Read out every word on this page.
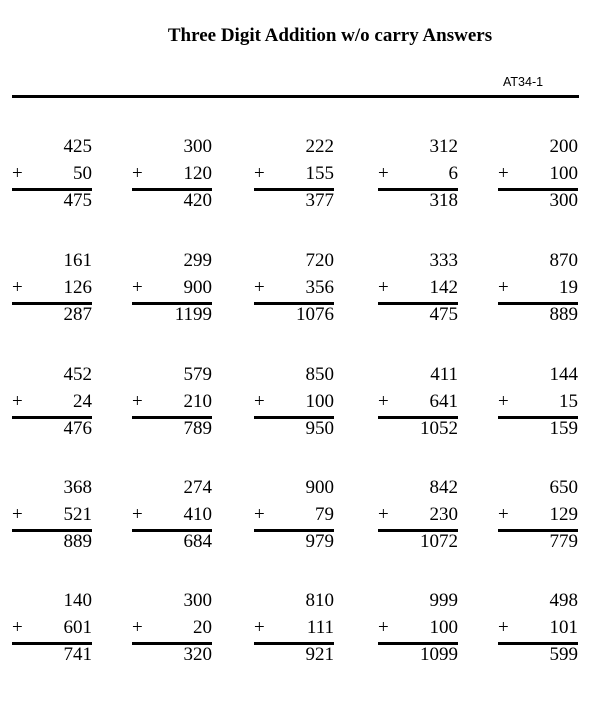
Three Digit Addition w/o carry Answers
AT34-1
425
+	50
475
300
+ 120
420
222
+ 155
377
312
+	6
318
200
+ 100
300
161
+ 126
287
299
+ 900
1199
720
+ 356
1076
333
+ 142
475
870
+	19
889
452
+	24
476
579
+ 210
789
850
+ 100
950
411
+ 641
1052
144
+	15
159
368
+ 521
889
274
+ 410
684
900
+	79
979
842
+ 230
1072
650
+ 129
779
140
+ 601
741
300
+	20
320
810
+ 111
921
999
+ 100
1099
498
+ 101
599
